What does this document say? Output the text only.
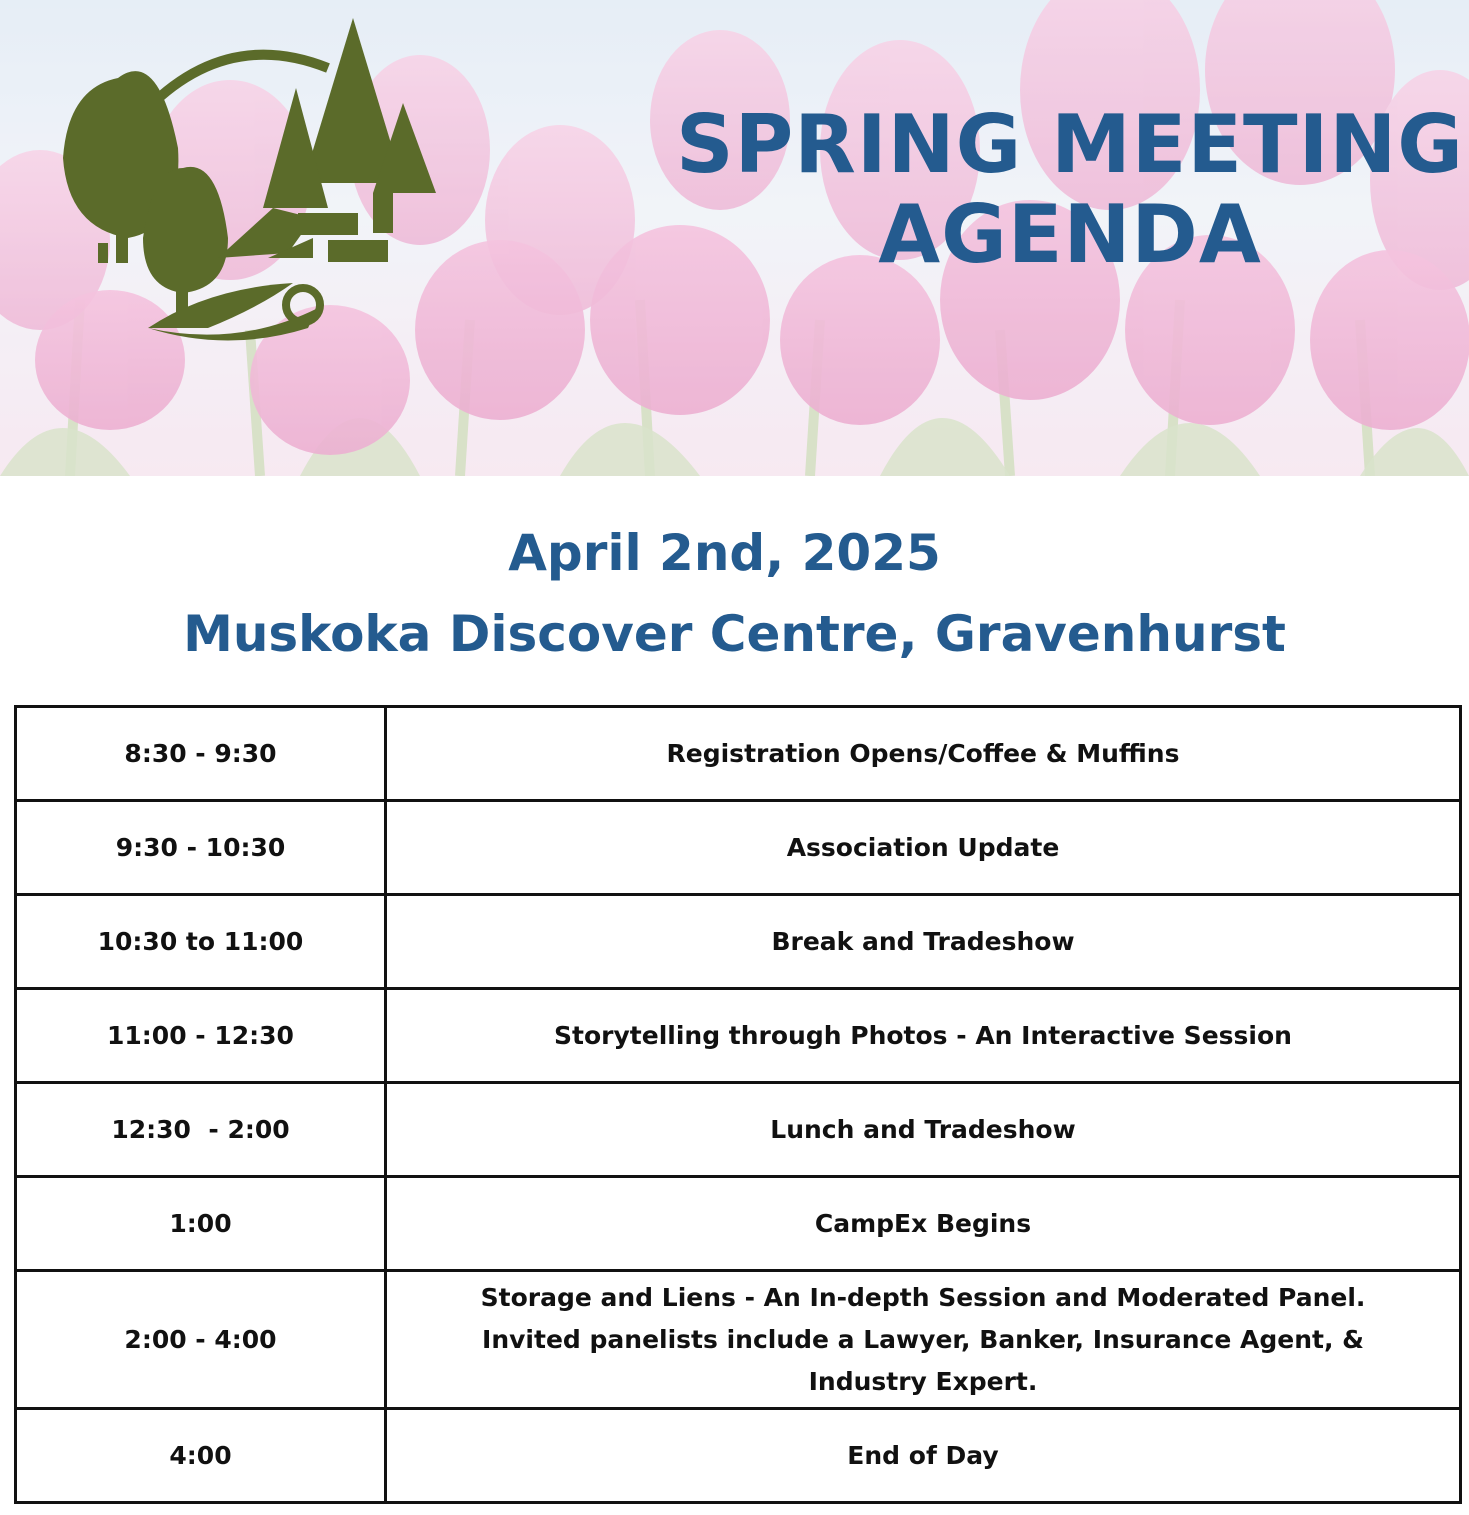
SPRING MEETING
AGENDA
April 2nd, 2025
Muskoka Discover Centre, Gravenhurst
8:30 - 9:30	Registration Opens/Coffee & Muffins
9:30 - 10:30	Association Update
10:30 to 11:00	Break and Tradeshow
11:00 - 12:30	Storytelling through Photos - An Interactive Session
12:30  - 2:00	Lunch and Tradeshow
1:00	CampEx Begins
2:00 - 4:00	Storage and Liens - An In-depth Session and Moderated Panel. Invited panelists include a Lawyer, Banker, Insurance Agent, & Industry Expert.
4:00	End of Day
